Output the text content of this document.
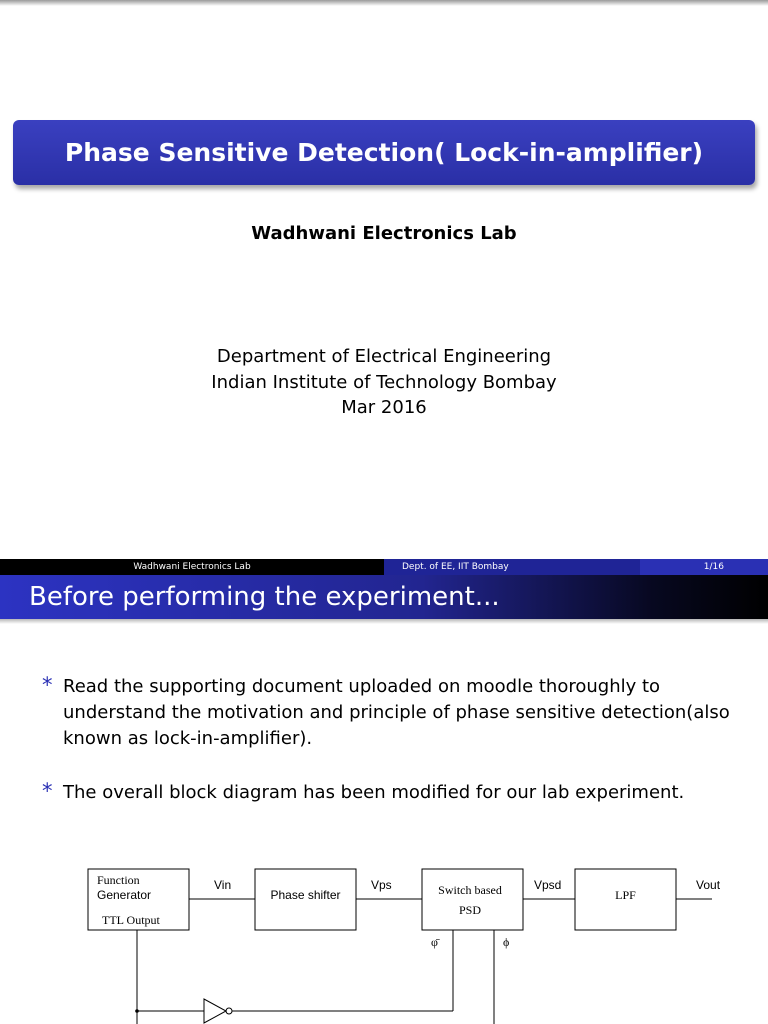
Phase Sensitive Detection( Lock-in-amplifier)
Wadhwani Electronics Lab
Department of Electrical Engineering
Indian Institute of Technology Bombay
Mar 2016
Wadhwani Electronics Lab	Dept. of EE, IIT Bombay	1/16
Before performing the experiment...
* Read the supporting document uploaded on moodle thoroughly to understand the motivation and principle of phase sensitive detection(also known as lock-in-amplifier).
* The overall block diagram has been modified for our lab experiment.
Function
Generator
TTL Output
Vin
Phase shifter
Vps	Switch based
PSD
Vpsd
LPF
Vout
φ̄	ϕ
